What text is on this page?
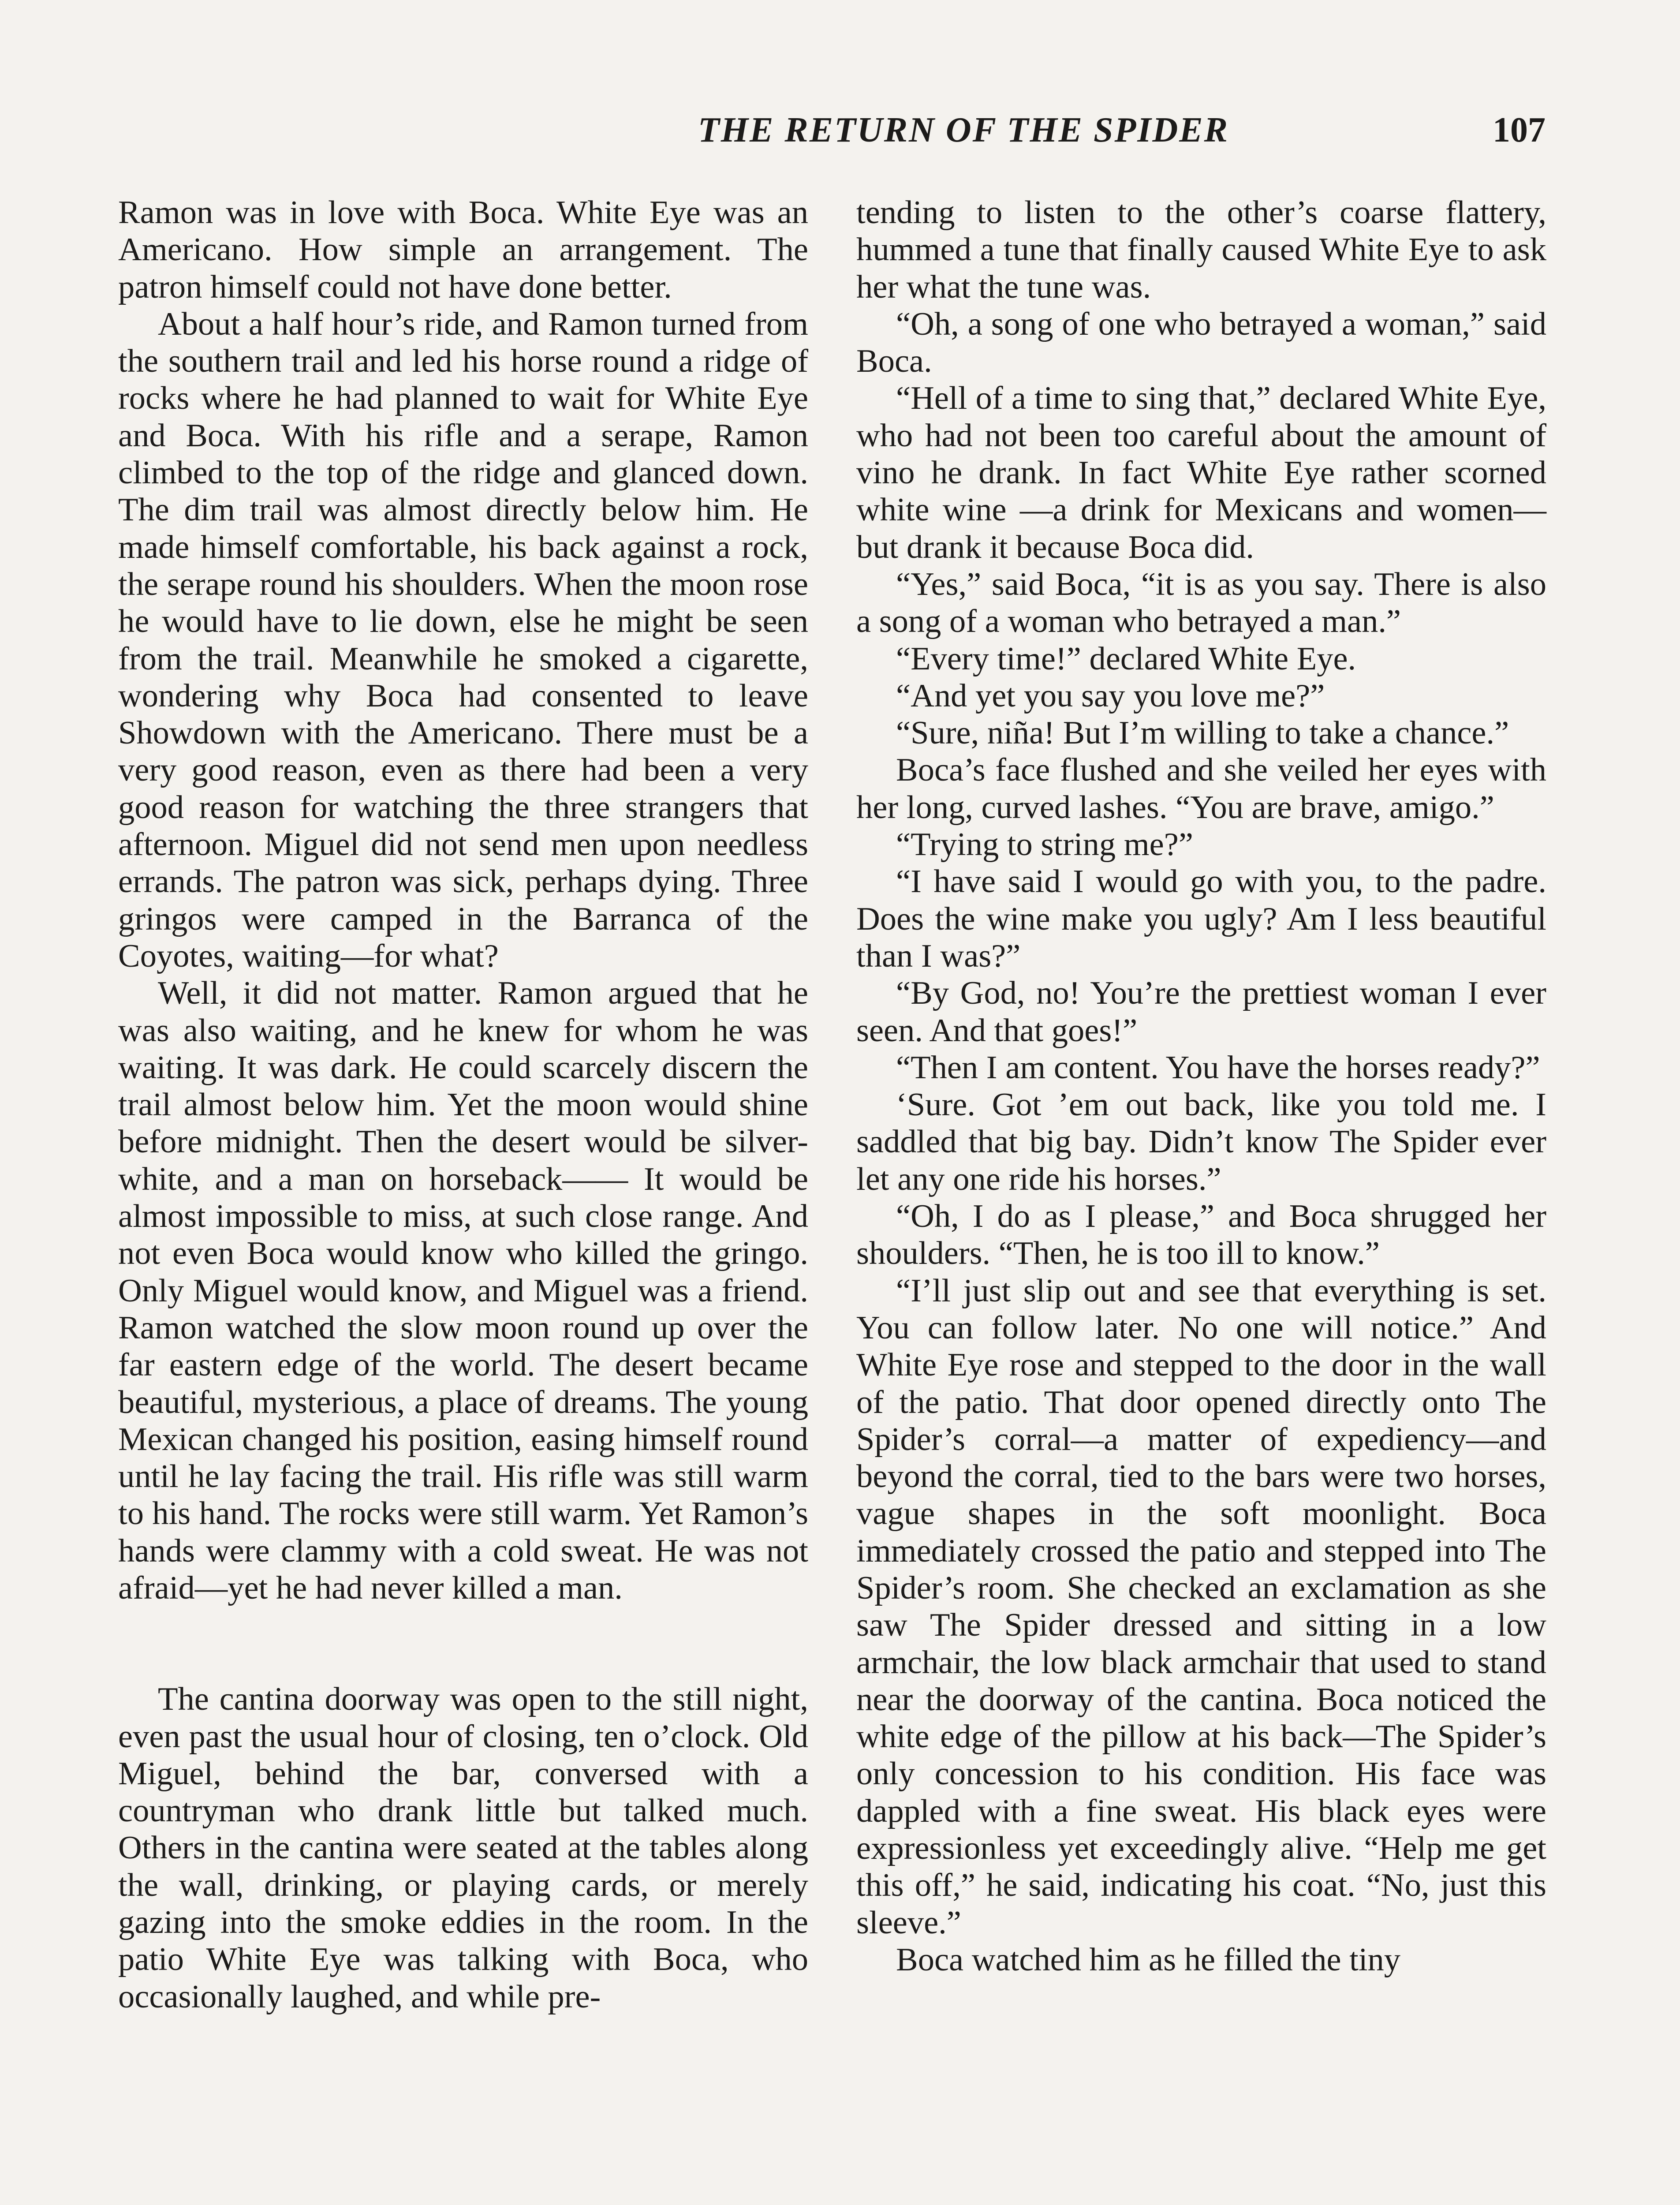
THE RETURN OF THE SPIDER	107

Ramon was in love with Boca. White Eye was an Americano. How simple an arrangement. The patron himself could not have done better.

About a half hour’s ride, and Ramon turned from the southern trail and led his horse round a ridge of rocks where he had planned to wait for White Eye and Boca. With his rifle and a serape, Ramon climbed to the top of the ridge and glanced down. The dim trail was almost directly below him. He made himself comfortable, his back against a rock, the serape round his shoulders. When the moon rose he would have to lie down, else he might be seen from the trail. Meanwhile he smoked a cigarette, wondering why Boca had consented to leave Showdown with the Americano. There must be a very good reason, even as there had been a very good reason for watching the three strangers that afternoon. Miguel did not send men upon needless errands. The patron was sick, perhaps dying. Three gringos were camped in the Barranca of the Coyotes, waiting—for what?

Well, it did not matter. Ramon argued that he was also waiting, and he knew for whom he was waiting. It was dark. He could scarcely discern the trail almost below him. Yet the moon would shine before midnight. Then the desert would be silver-white, and a man on horseback—— It would be almost impossible to miss, at such close range. And not even Boca would know who killed the gringo. Only Miguel would know, and Miguel was a friend. Ramon watched the slow moon round up over the far eastern edge of the world. The desert became beautiful, mysterious, a place of dreams. The young Mexican changed his position, easing himself round until he lay facing the trail. His rifle was still warm to his hand. The rocks were still warm. Yet Ramon’s hands were clammy with a cold sweat. He was not afraid—yet he had never killed a man.

The cantina doorway was open to the still night, even past the usual hour of closing, ten o’clock. Old Miguel, behind the bar, conversed with a countryman who drank little but talked much. Others in the cantina were seated at the tables along the wall, drinking, or playing cards, or merely gazing into the smoke eddies in the room. In the patio White Eye was talking with Boca, who occasionally laughed, and while pre-

tending to listen to the other’s coarse flattery, hummed a tune that finally caused White Eye to ask her what the tune was.

“Oh, a song of one who betrayed a woman,” said Boca.

“Hell of a time to sing that,” declared White Eye, who had not been too careful about the amount of vino he drank. In fact White Eye rather scorned white wine —a drink for Mexicans and women—but drank it because Boca did.

“Yes,” said Boca, “it is as you say. There is also a song of a woman who betrayed a man.”

“Every time!” declared White Eye.

“And yet you say you love me?”

“Sure, niña! But I’m willing to take a chance.”

Boca’s face flushed and she veiled her eyes with her long, curved lashes. “You are brave, amigo.”

“Trying to string me?”

“I have said I would go with you, to the padre. Does the wine make you ugly? Am I less beautiful than I was?”

“By God, no! You’re the prettiest woman I ever seen. And that goes!”

“Then I am content. You have the horses ready?”

‘Sure. Got ’em out back, like you told me. I saddled that big bay. Didn’t know The Spider ever let any one ride his horses.”

“Oh, I do as I please,” and Boca shrugged her shoulders. “Then, he is too ill to know.”

“I’ll just slip out and see that everything is set. You can follow later. No one will notice.” And White Eye rose and stepped to the door in the wall of the patio. That door opened directly onto The Spider’s corral—a matter of expediency—and beyond the corral, tied to the bars were two horses, vague shapes in the soft moonlight. Boca immediately crossed the patio and stepped into The Spider’s room. She checked an exclamation as she saw The Spider dressed and sitting in a low armchair, the low black armchair that used to stand near the doorway of the cantina. Boca noticed the white edge of the pillow at his back—The Spider’s only concession to his condition. His face was dappled with a fine sweat. His black eyes were expressionless yet exceedingly alive. “Help me get this off,” he said, indicating his coat. “No, just this sleeve.”

Boca watched him as he filled the tiny
